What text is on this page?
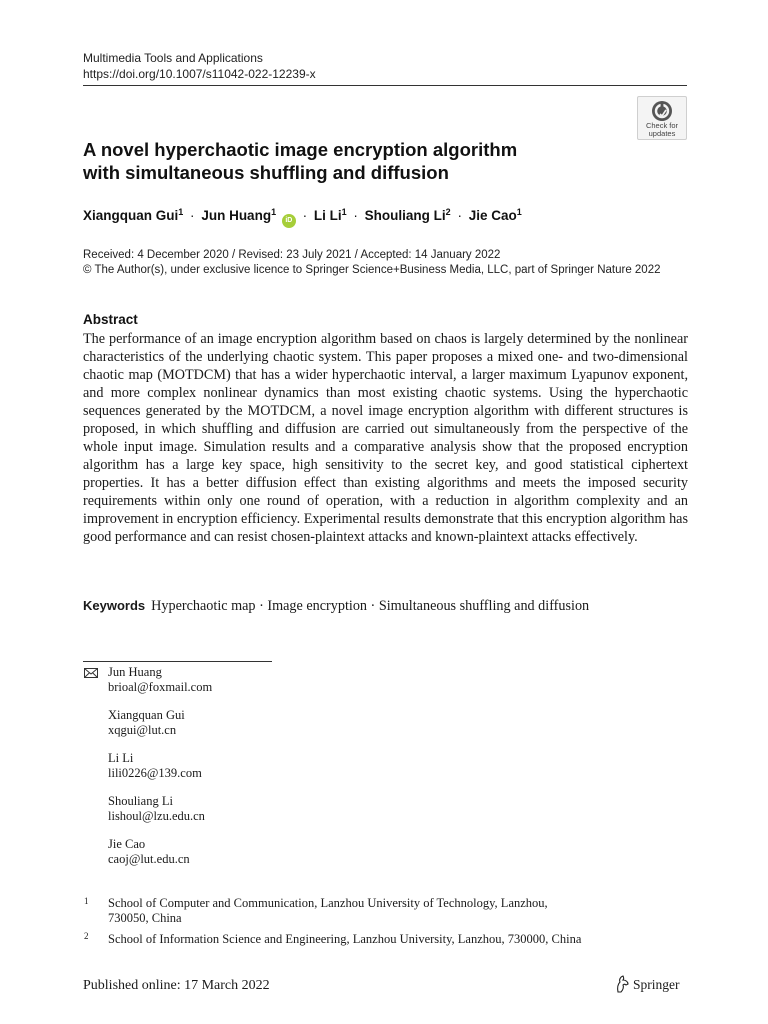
Multimedia Tools and Applications
https://doi.org/10.1007/s11042-022-12239-x
Check for
updates
A novel hyperchaotic image encryption algorithm
with simultaneous shuffling and diffusion
Xiangquan Gui$^1$ · Jun Huang$^1$ iD · Li $Li^1$ · Shouliang $Li^2$ · Jie Cao$^1$
Received: 4 December 2020 / Revised: 23 July 2021 / Accepted: 14 January 2022
© The Author(s), under exclusive licence to Springer Science+Business Media, LLC, part of Springer Nature 2022
Abstract

The performance of an image encryption algorithm based on chaos is largely determined by the nonlinear characteristics of the underlying chaotic system. This paper proposes a mixed one- and two-dimensional chaotic map (MOTDCM) that has a wider hyperchaotic interval, a larger maximum Lyapunov exponent, and more complex nonlinear dynamics than most existing chaotic systems. Using the hyperchaotic sequences generated by the MOTDCM, a novel image encryption algorithm with different structures is proposed, in which shuffling and diffusion are carried out simultaneously from the perspective of the whole input image. Simulation results and a comparative analysis show that the proposed encryption algorithm has a large key space, high sensitivity to the secret key, and good statistical ciphertext properties. It has a better diffusion effect than existing algorithms and meets the imposed security requirements within only one round of operation, with a reduction in algorithm complexity and an improvement in encryption efficiency. Experimental results demonstrate that this encryption algorithm has good performance and can resist chosen-plaintext attacks and known-plaintext attacks effectively.

Keywords Hyperchaotic map · Image encryption · Simultaneous shuffling and diffusion
Jun Huang
brioal@foxmail.com
Xiangquan Gui
xqgui@lut.cn
Li Li
lili0226@139.com
Shouliang Li
lishoul@lzu.edu.cn
Jie Cao
caoj@lut.edu.cn
1 School of Computer and Communication, Lanzhou University of Technology, Lanzhou,
730050, China
2 School of Information Science and Engineering, Lanzhou University, Lanzhou, 730000, China
Published online: 17 March 2022	Springer
